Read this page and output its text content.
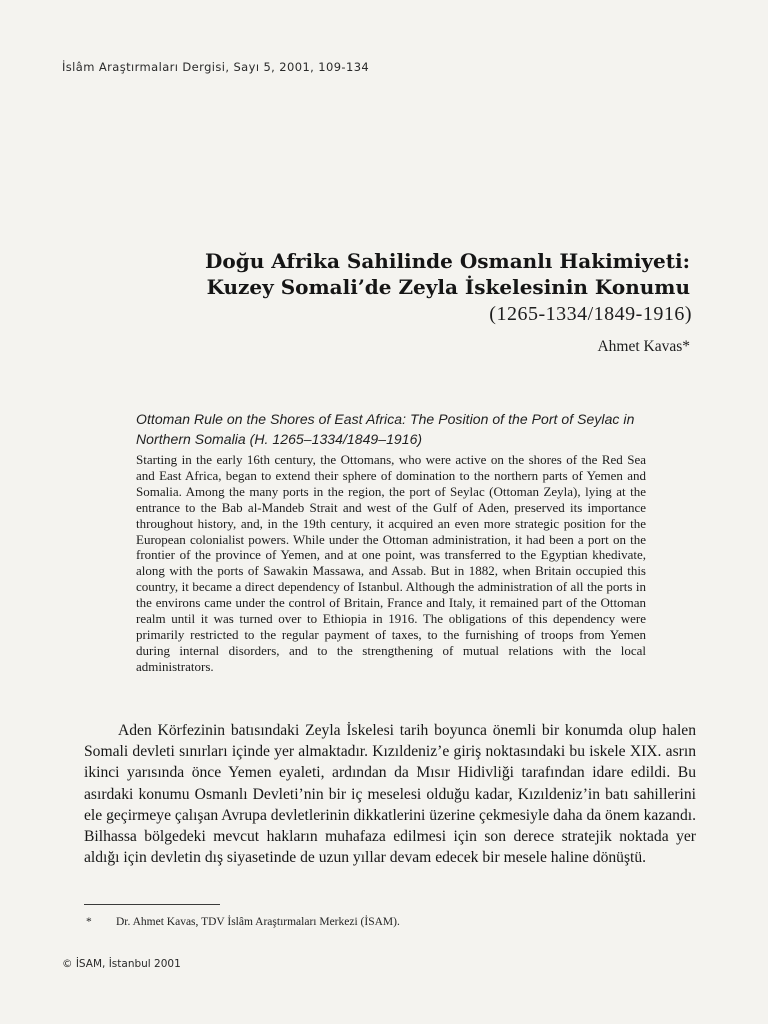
İslâm Araştırmaları Dergisi, Sayı 5, 2001, 109-134
Doğu Afrika Sahilinde Osmanlı Hakimiyeti:
Kuzey Somali’de Zeyla İskelesinin Konumu
(1265-1334/1849-1916)
Ahmet Kavas*

Ottoman Rule on the Shores of East Africa: The Position of the Port of Seylac in Northern Somalia (H. 1265–1334/1849–1916)

Starting in the early 16th century, the Ottomans, who were active on the shores of the Red Sea and East Africa, began to extend their sphere of domination to the northern parts of Yemen and Somalia. Among the many ports in the region, the port of Seylac (Ottoman Zeyla), lying at the entrance to the Bab al-Mandeb Strait and west of the Gulf of Aden, preserved its importance throughout history, and, in the 19th century, it acquired an even more strategic position for the European colonialist powers. While under the Ottoman administration, it had been a port on the frontier of the province of Yemen, and at one point, was transferred to the Egyptian khedivate, along with the ports of Sawakin Massawa, and Assab. But in 1882, when Britain occupied this country, it became a direct dependency of Istanbul. Although the administration of all the ports in the environs came under the control of Britain, France and Italy, it remained part of the Ottoman realm until it was turned over to Ethiopia in 1916. The obligations of this dependency were primarily restricted to the regular payment of taxes, to the furnishing of troops from Yemen during internal disorders, and to the strengthening of mutual relations with the local administrators.

Aden Körfezinin batısındaki Zeyla İskelesi tarih boyunca önemli bir konumda olup halen Somali devleti sınırları içinde yer almaktadır. Kızıldeniz’e giriş noktasındaki bu iskele XIX. asrın ikinci yarısında önce Yemen eyaleti, ardından da Mısır Hidivliği tarafından idare edildi. Bu asırdaki konumu Osmanlı Devleti’nin bir iç meselesi olduğu kadar, Kızıldeniz’in batı sahillerini ele geçirmeye çalışan Avrupa devletlerinin dikkatlerini üzerine çekmesiyle daha da önem kazandı. Bilhassa bölgedeki mevcut hakların muhafaza edilmesi için son derece stratejik noktada yer aldığı için devletin dış siyasetinde de uzun yıllar devam edecek bir mesele haline dönüştü.

* Dr. Ahmet Kavas, TDV İslâm Araştırmaları Merkezi (İSAM).
© İSAM, İstanbul 2001
